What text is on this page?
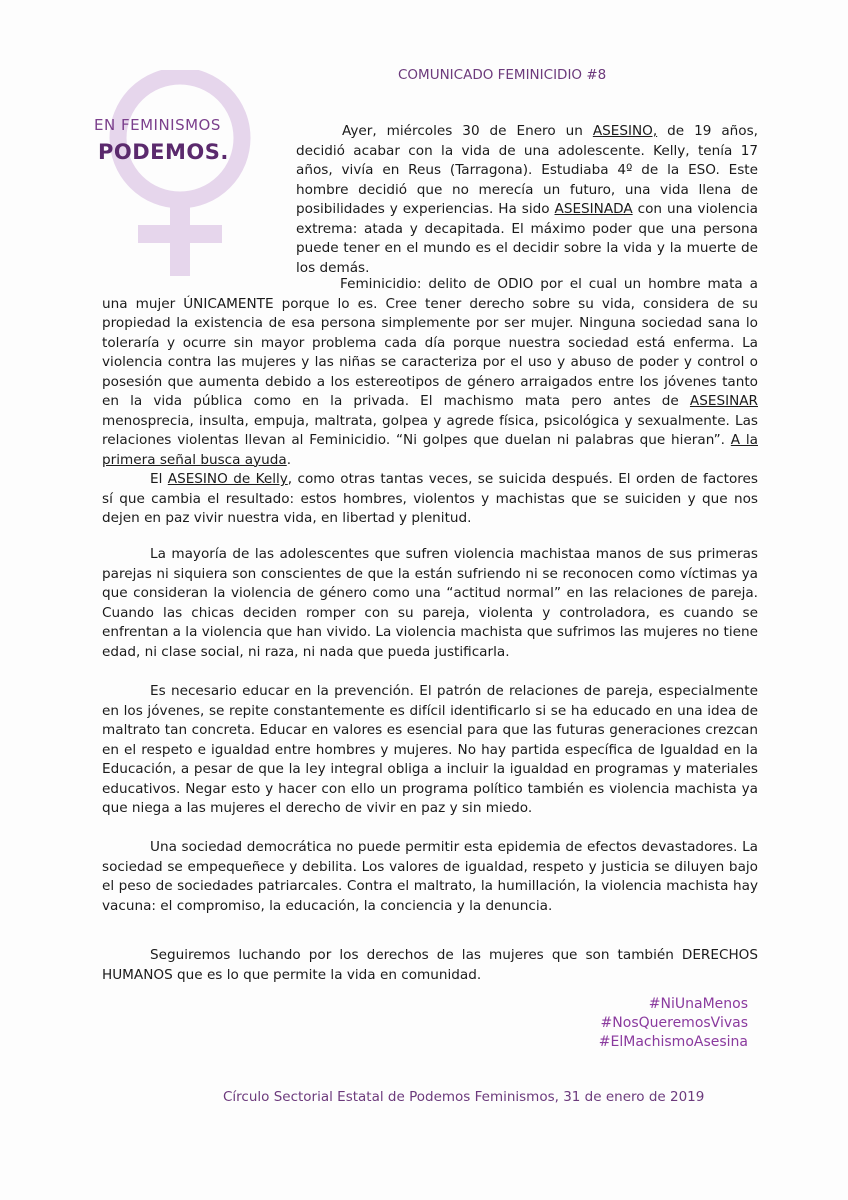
EN FEMINISMOS
PODEMOS.
COMUNICADO FEMINICIDIO #8

Ayer, miércoles 30 de Enero un ASESINO, de 19 años, decidió acabar con la vida de una adolescente. Kelly, tenía 17 años, vivía en Reus (Tarragona). Estudiaba 4º de la ESO. Este hombre decidió que no merecía un futuro, una vida llena de posibilidades y experiencias. Ha sido ASESINADA con una violencia extrema: atada y decapitada. El máximo poder que una persona puede tener en el mundo es el decidir sobre la vida y la muerte de los demás.

Feminicidio: delito de ODIO por el cual un hombre mata a una mujer ÚNICAMENTE porque lo es. Cree tener derecho sobre su vida, considera de su propiedad la existencia de esa persona simplemente por ser mujer. Ninguna sociedad sana lo toleraría y ocurre sin mayor problema cada día porque nuestra sociedad está enferma. La violencia contra las mujeres y las niñas se caracteriza por el uso y abuso de poder y control o posesión que aumenta debido a los estereotipos de género arraigados entre los jóvenes tanto en la vida pública como en la privada. El machismo mata pero antes de ASESINAR menosprecia, insulta, empuja, maltrata, golpea y agrede física, psicológica y sexualmente. Las relaciones violentas llevan al Feminicidio. “Ni golpes que duelan ni palabras que hieran”. A la primera señal busca ayuda.

El ASESINO de Kelly, como otras tantas veces, se suicida después. El orden de factores sí que cambia el resultado: estos hombres, violentos y machistas que se suiciden y que nos dejen en paz vivir nuestra vida, en libertad y plenitud.

La mayoría de las adolescentes que sufren violencia machistaa manos de sus primeras parejas ni siquiera son conscientes de que la están sufriendo ni se reconocen como víctimas ya que consideran la violencia de género como una “actitud normal” en las relaciones de pareja. Cuando las chicas deciden romper con su pareja, violenta y controladora, es cuando se enfrentan a la violencia que han vivido. La violencia machista que sufrimos las mujeres no tiene edad, ni clase social, ni raza, ni nada que pueda justificarla.

Es necesario educar en la prevención. El patrón de relaciones de pareja, especialmente en los jóvenes, se repite constantemente es difícil identificarlo si se ha educado en una idea de maltrato tan concreta. Educar en valores es esencial para que las futuras generaciones crezcan en el respeto e igualdad entre hombres y mujeres. No hay partida específica de Igualdad en la Educación, a pesar de que la ley integral obliga a incluir la igualdad en programas y materiales educativos. Negar esto y hacer con ello un programa político también es violencia machista ya que niega a las mujeres el derecho de vivir en paz y sin miedo.

Una sociedad democrática no puede permitir esta epidemia de efectos devastadores. La sociedad se empequeñece y debilita. Los valores de igualdad, respeto y justicia se diluyen bajo el peso de sociedades patriarcales. Contra el maltrato, la humillación, la violencia machista hay vacuna: el compromiso, la educación, la conciencia y la denuncia.

Seguiremos luchando por los derechos de las mujeres que son también DERECHOS HUMANOS que es lo que permite la vida en comunidad.

#NiUnaMenos
#NosQueremosVivas
#ElMachismoAsesina
Círculo Sectorial Estatal de Podemos Feminismos, 31 de enero de 2019
